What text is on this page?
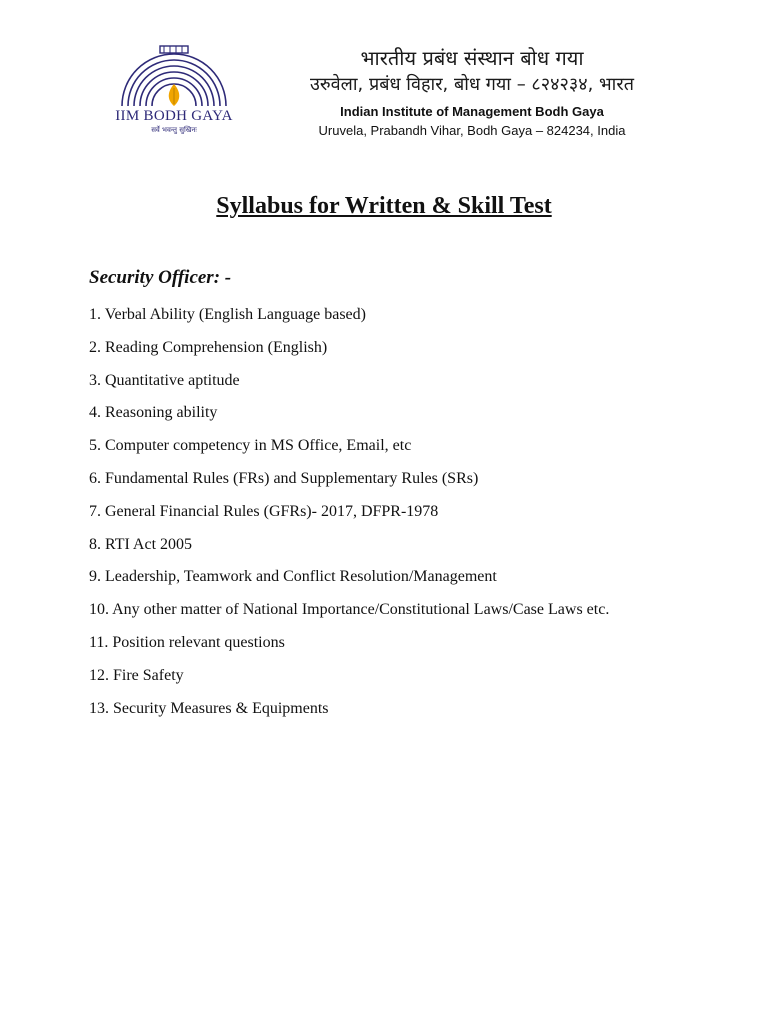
IIM BODH GAYA
सर्वे भवन्तु सुखिनः
भारतीय प्रबंध संस्थान बोध गया
उरुवेला, प्रबंध विहार, बोध गया – ८२४२३४, भारत
Indian Institute of Management Bodh Gaya
Uruvela, Prabandh Vihar, Bodh Gaya – 824234, India
Syllabus for Written & Skill Test
Security Officer: -
1. Verbal Ability (English Language based)
2. Reading Comprehension (English)
3. Quantitative aptitude
4. Reasoning ability
5. Computer competency in MS Office, Email, etc
6. Fundamental Rules (FRs) and Supplementary Rules (SRs)
7. General Financial Rules (GFRs)- 2017, DFPR-1978
8. RTI Act 2005
9. Leadership, Teamwork and Conflict Resolution/Management
10. Any other matter of National Importance/Constitutional Laws/Case Laws etc.
11. Position relevant questions
12. Fire Safety
13. Security Measures & Equipments
